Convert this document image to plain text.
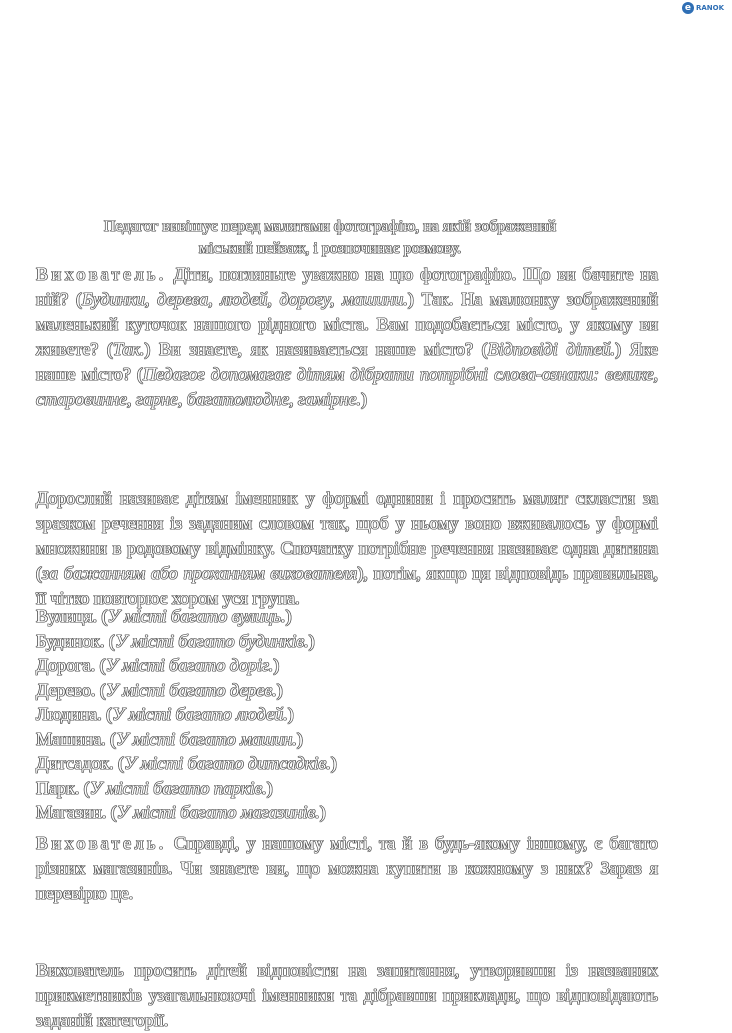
e RANOK
Педагог вивішує перед малятами фотографію, на якій зображений
міський пейзаж, і розпочинає розмову.

Вихователь. Діти, погляньте уважно на цю фотографію. Що ви бачите на ній? (Будинки, дерева, людей, дорогу, машини.) Так. На малюнку зображений маленький куточок нашого рідного міста. Вам подобається місто, у якому ви живете? (Так.) Ви знаєте, як називається наше місто? (Відповіді дітей.) Яке наше місто? (Педагог допомагає дітям дібрати потрібні слова-ознаки: велике, старовинне, гарне, багатолюдне, гамірне.)

Дорослий називає дітям іменник у формі однини і просить малят скласти за зразком речення із заданим словом так, щоб у ньому воно вживалось у формі множини в родовому відмінку. Спочатку потрібне речення називає одна дитина (за бажанням або проханням вихователя), потім, якщо ця відповідь правильна, її чітко повторює хором уся група.

Вулиця. (У місті багато вулиць.)
Будинок. (У місті багато будинків.)
Дорога. (У місті багато доріг.)
Дерево. (У місті багато дерев.)
Людина. (У місті багато людей.)
Машина. (У місті багато машин.)
Дитсадок. (У місті багато дитсадків.)
Парк. (У місті багато парків.)
Магазин. (У місті багато магазинів.)

Вихователь. Справді, у нашому місті, та й в будь-якому іншому, є багато різних магазинів. Чи знаєте ви, що можна купити в кожному з них? Зараз я перевірю це.

Вихователь просить дітей відповісти на запитання, утворивши із названих прикметників узагальнюючі іменники та дібравши приклади, що відповідають заданій категорії.
